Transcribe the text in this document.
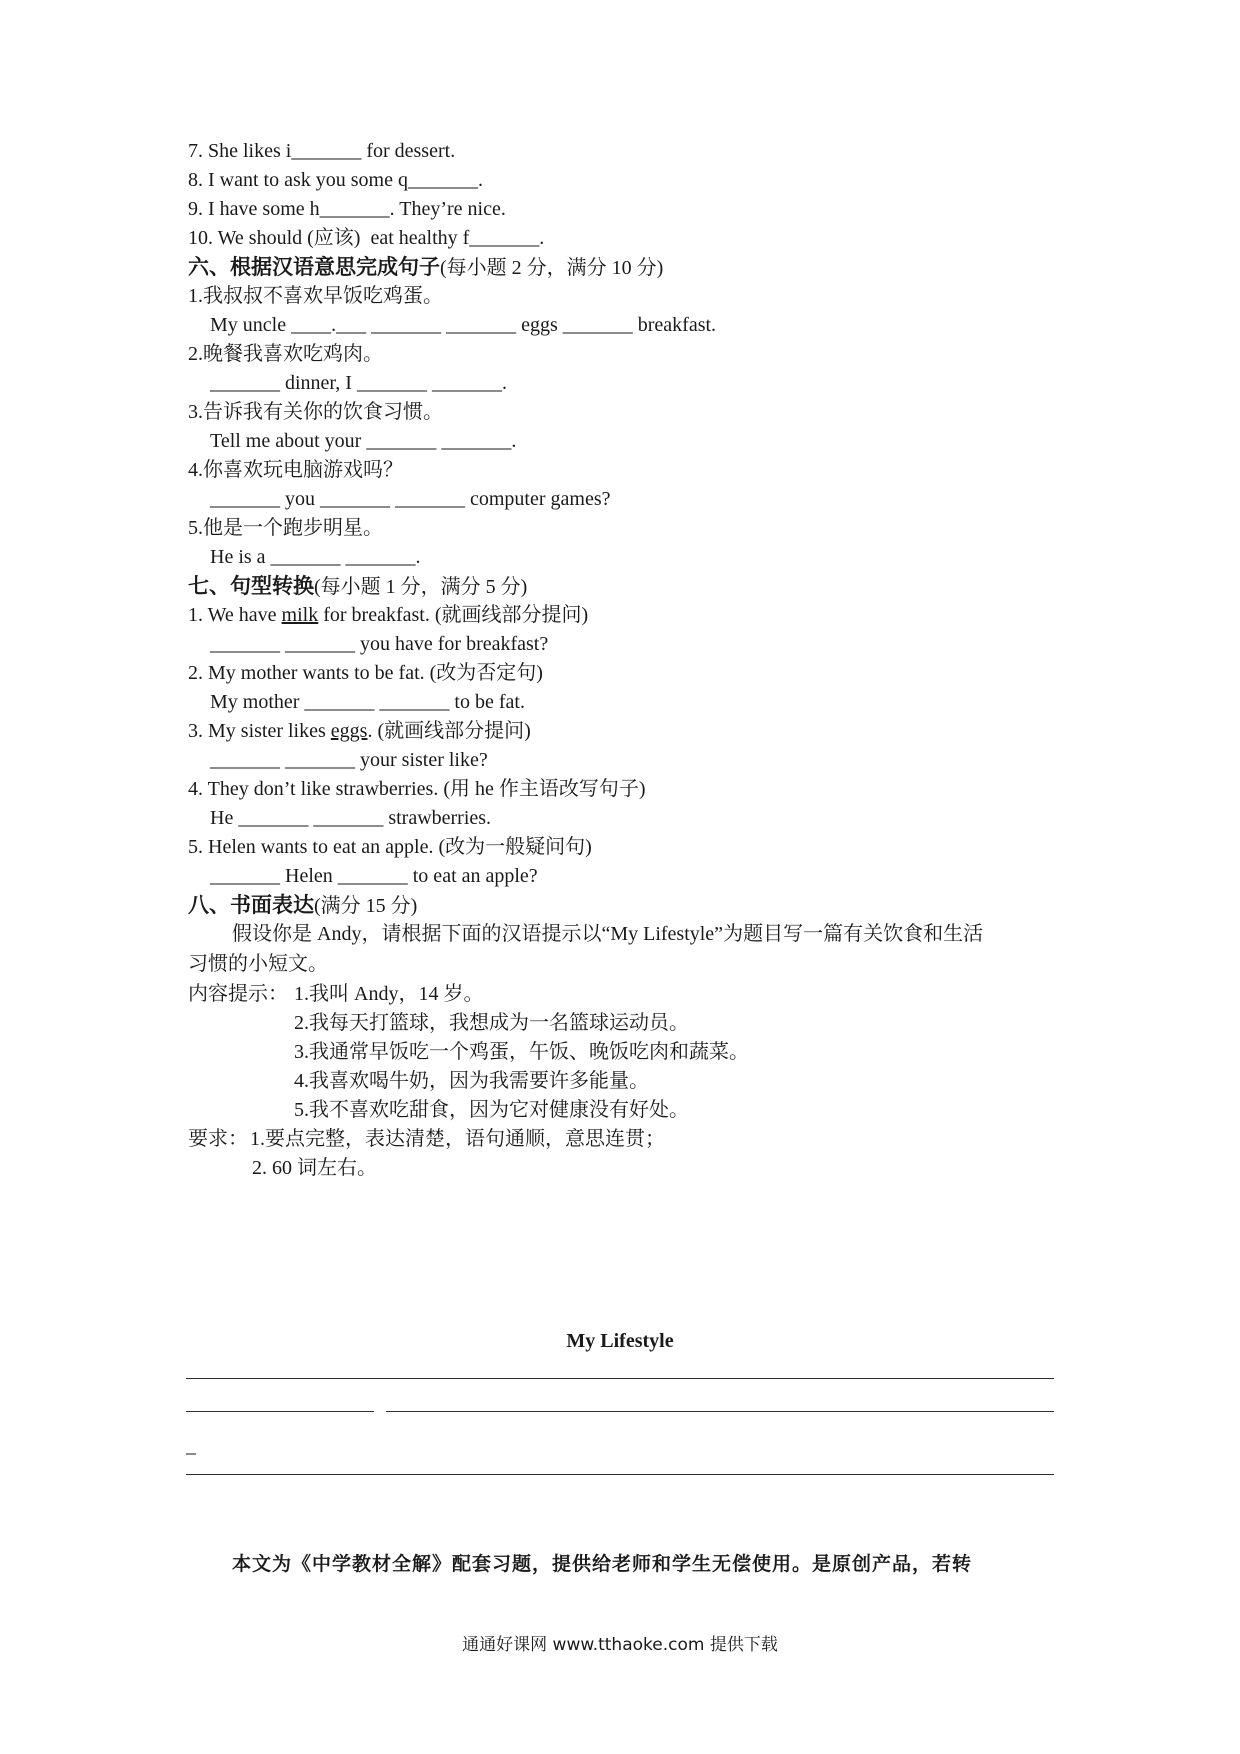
7. She likes i_______ for dessert.
8. I want to ask you some q_______.
9. I have some h_______. They’re nice.
10. We should (应该)  eat healthy f_______.
六、根据汉语意思完成句子(每小题 2 分，满分 10 分)
1.我叔叔不喜欢早饭吃鸡蛋。
My uncle ____.___ _______ _______ eggs _______ breakfast.
2.晚餐我喜欢吃鸡肉。
_______ dinner, I _______ _______.
3.告诉我有关你的饮食习惯。
Tell me about your _______ _______.
4.你喜欢玩电脑游戏吗？
_______ you _______ _______ computer games?
5.他是一个跑步明星。
He is a _______ _______.
七、句型转换(每小题 1 分，满分 5 分)
1. We have milk for breakfast. (就画线部分提问)
_______ _______ you have for breakfast?
2. My mother wants to be fat. (改为否定句)
My mother _______ _______ to be fat.
3. My sister likes eggs. (就画线部分提问)
_______ _______ your sister like?
4. They don’t like strawberries. (用 he 作主语改写句子)
He _______ _______ strawberries.
5. Helen wants to eat an apple. (改为一般疑问句)
_______ Helen _______ to eat an apple?
八、书面表达(满分 15 分)
假设你是 Andy，请根据下面的汉语提示以“My Lifestyle”为题目写一篇有关饮食和生活
习惯的小短文。
内容提示： 1.我叫 Andy，14 岁。
2.我每天打篮球，我想成为一名篮球运动员。
3.我通常早饭吃一个鸡蛋，午饭、晚饭吃肉和蔬菜。
4.我喜欢喝牛奶，因为我需要许多能量。
5.我不喜欢吃甜食，因为它对健康没有好处。
要求： 1.要点完整，表达清楚，语句通顺，意思连贯；
2. 60 词左右。
My Lifestyle
_
本文为《中学教材全解》配套习题，提供给老师和学生无偿使用。是原创产品，若转
通通好课网 www.tthaoke.com 提供下载
